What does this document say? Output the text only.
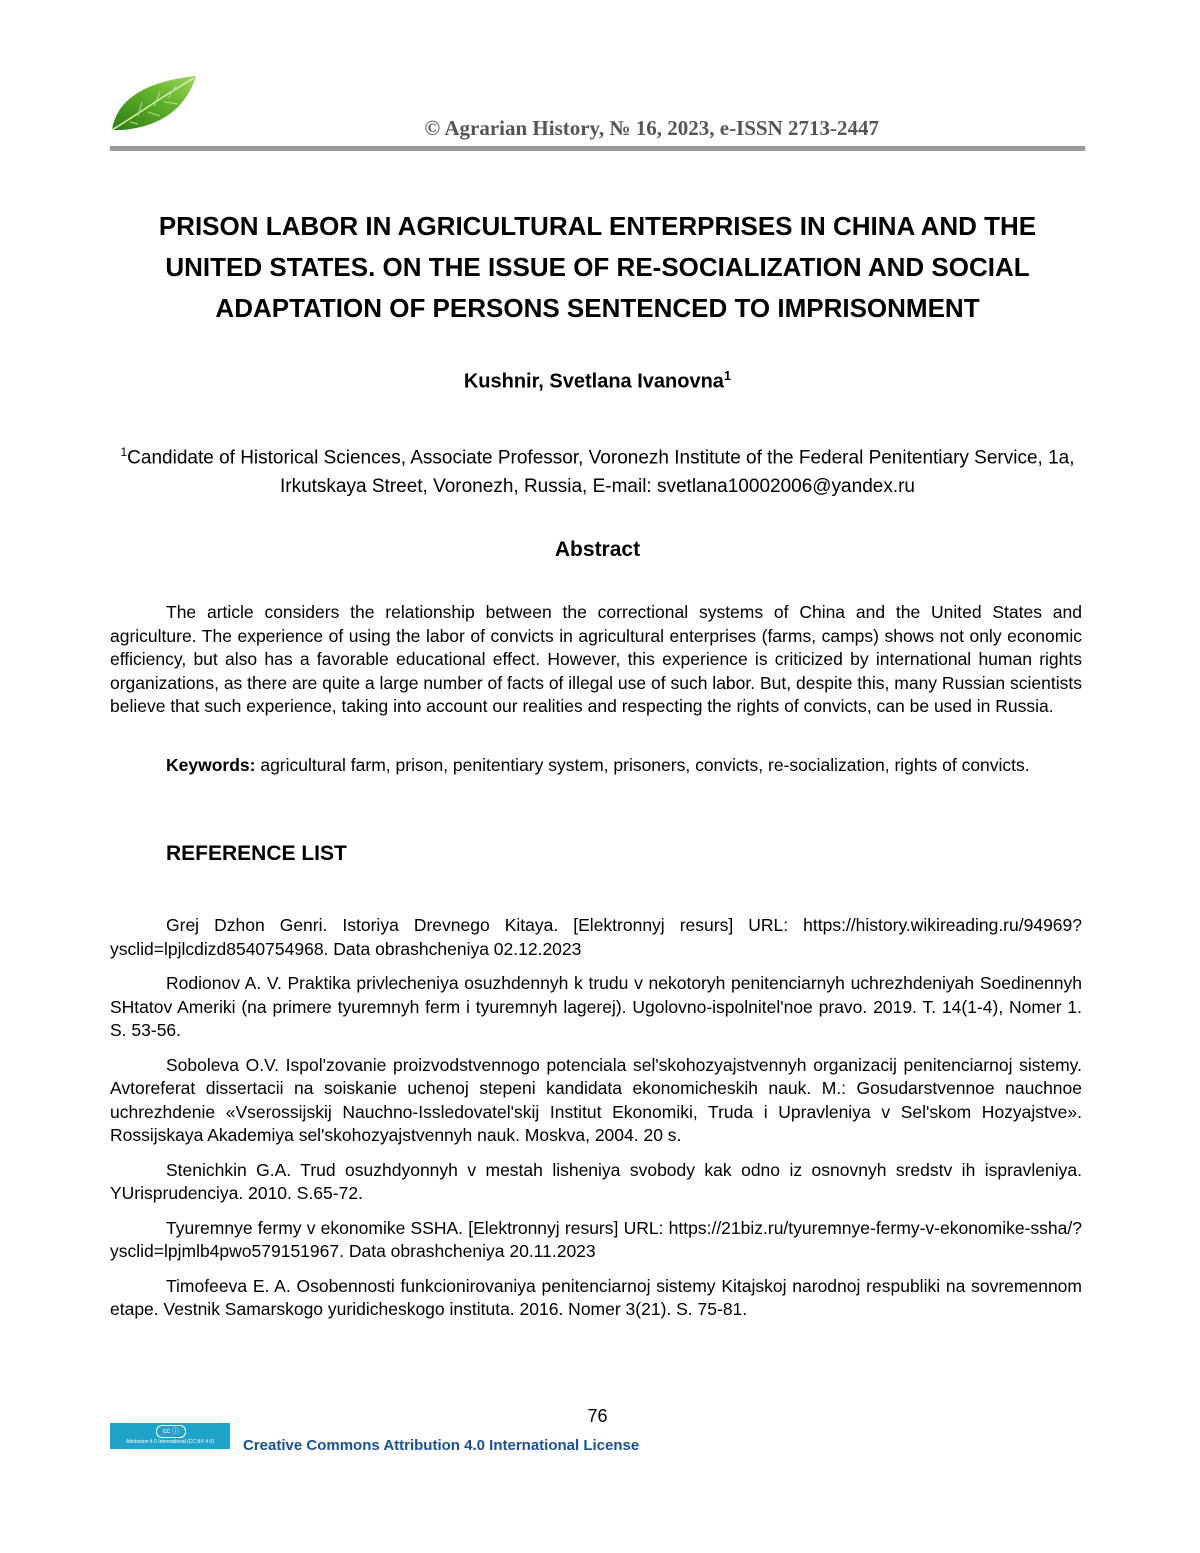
© Agrarian History, № 16, 2023, e-ISSN 2713-2447
PRISON LABOR IN AGRICULTURAL ENTERPRISES IN CHINA AND THE UNITED STATES. ON THE ISSUE OF RE-SOCIALIZATION AND SOCIAL ADAPTATION OF PERSONS SENTENCED TO IMPRISONMENT
Kushnir, Svetlana Ivanovna$^1$
$^1$Candidate of Historical Sciences, Associate Professor, Voronezh Institute of the Federal Penitentiary Service, 1a, Irkutskaya Street, Voronezh, Russia, E-mail: svetlana10002006@yandex.ru
Abstract

The article considers the relationship between the correctional systems of China and the United States and agriculture. The experience of using the labor of convicts in agricultural enterprises (farms, camps) shows not only economic efficiency, but also has a favorable educational effect. However, this experience is criticized by international human rights organizations, as there are quite a large number of facts of illegal use of such labor. But, despite this, many Russian scientists believe that such experience, taking into account our realities and respecting the rights of convicts, can be used in Russia.

Keywords: agricultural farm, prison, penitentiary system, prisoners, convicts, re-socialization, rights of convicts.

REFERENCE LIST

Grej Dzhon Genri. Istoriya Drevnego Kitaya. [Elektronnyj resurs] URL: https://history.wikireading.ru/94969?ysclid=lpjlcdizd8540754968. Data obrashcheniya 02.12.2023

Rodionov A. V. Praktika privlecheniya osuzhdennyh k trudu v nekotoryh penitenciarnyh uchrezhdeniyah Soedinennyh SHtatov Ameriki (na primere tyuremnyh ferm i tyuremnyh lagerej). Ugolovno-ispolnitel'noe pravo. 2019. T. 14(1-4), Nomer 1. S. 53-56.

Soboleva O.V. Ispol'zovanie proizvodstvennogo potenciala sel'skohozyajstvennyh organizacij penitenciarnoj sistemy. Avtoreferat dissertacii na soiskanie uchenoj stepeni kandidata ekonomicheskih nauk. M.: Gosudarstvennoe nauchnoe uchrezhdenie «Vserossijskij Nauchno-Issledovatel'skij Institut Ekonomiki, Truda i Upravleniya v Sel'skom Hozyajstve». Rossijskaya Akademiya sel'skohozyajstvennyh nauk. Moskva, 2004. 20 s.

Stenichkin G.A. Trud osuzhdyonnyh v mestah lisheniya svobody kak odno iz osnovnyh sredstv ih ispravleniya. YUrisprudenciya. 2010. S.65-72.

Tyuremnye fermy v ekonomike SSHA. [Elektronnyj resurs] URL: https://21biz.ru/tyuremnye-fermy-v-ekonomike-ssha/?ysclid=lpjmlb4pwo579151967. Data obrashcheniya 20.11.2023

Timofeeva E. A. Osobennosti funkcionirovaniya penitenciarnoj sistemy Kitajskoj narodnoj respubliki na sovremennom etape. Vestnik Samarskogo yuridicheskogo instituta. 2016. Nomer 3(21). S. 75-81.

76
cc ⓘ
Attribution 4.0 International (CC BY 4.0)	Creative Commons Attribution 4.0 International License
